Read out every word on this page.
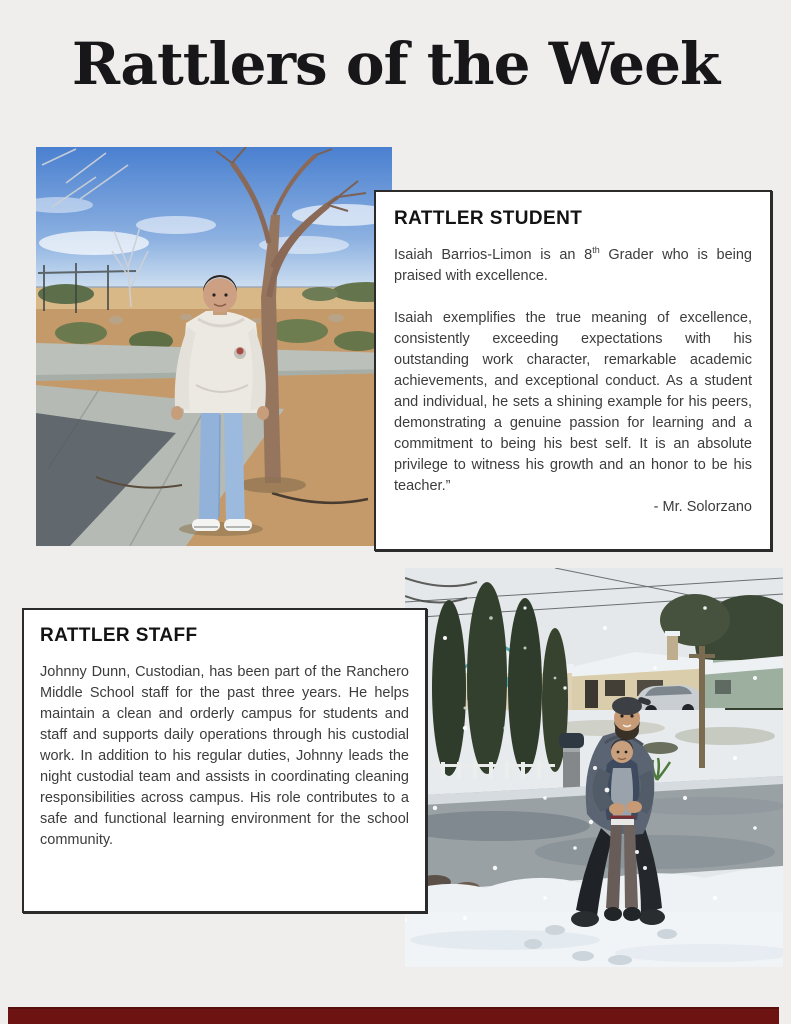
Rattlers of the Week
RATTLER STUDENT

Isaiah Barrios-Limon is an 8th Grader who is being praised with excellence.

Isaiah exemplifies the true meaning of excellence, consistently exceeding expectations with his outstanding work character, remarkable academic achievements, and exceptional conduct. As a student and individual, he sets a shining example for his peers, demonstrating a genuine passion for learning and a commitment to being his best self. It is an absolute privilege to witness his growth and an honor to be his teacher.”

- Mr. Solorzano
RATTLER STAFF

Johnny Dunn, Custodian, has been part of the Ranchero Middle School staff for the past three years. He helps maintain a clean and orderly campus for students and staff and supports daily operations through his custodial work. In addition to his regular duties, Johnny leads the night custodial team and assists in coordinating cleaning responsibilities across campus. His role contributes to a safe and functional learning environment for the school community.
